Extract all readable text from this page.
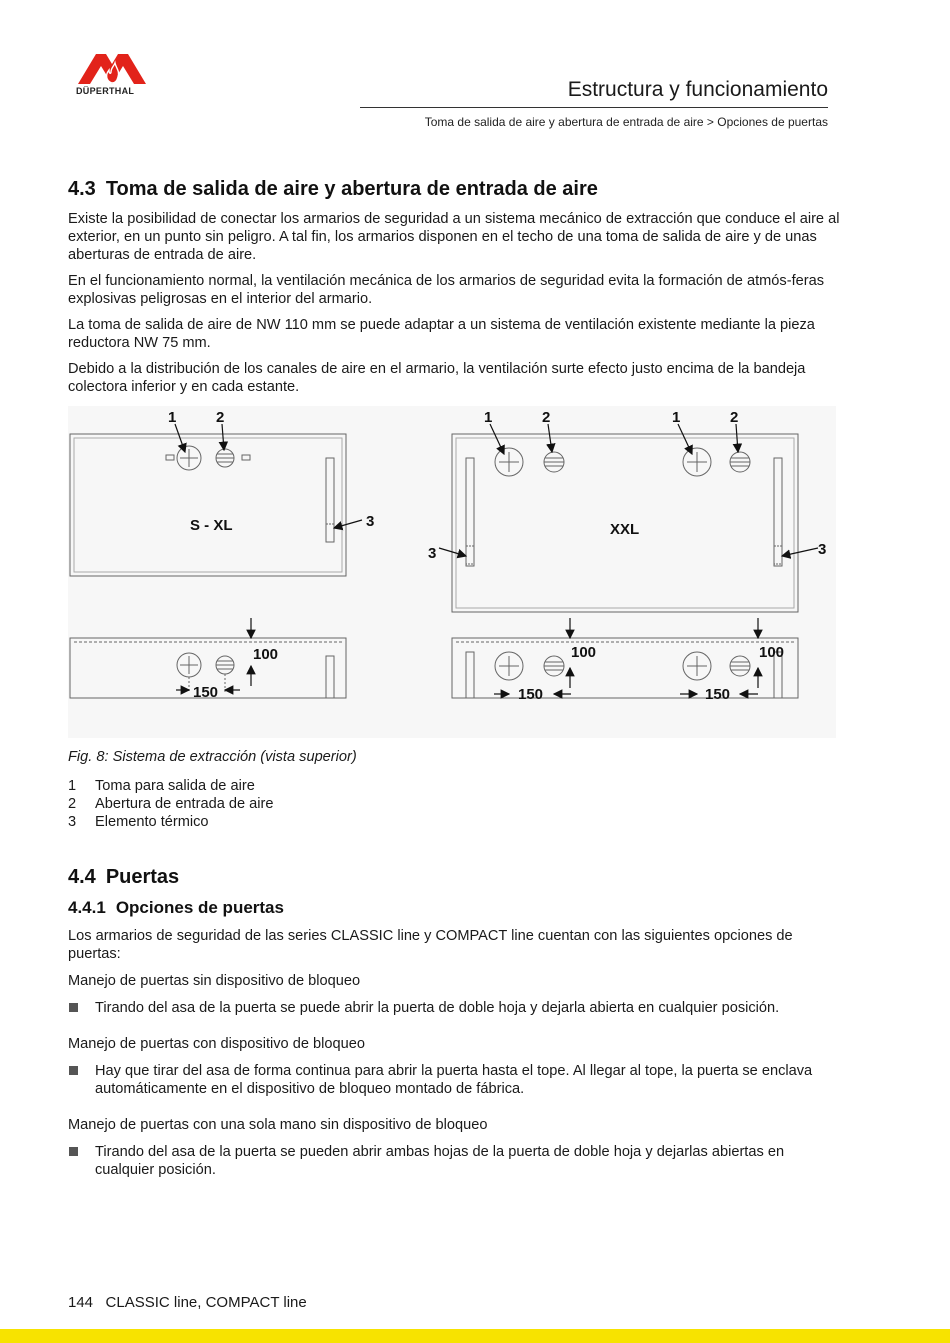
DÜPERTHAL	Estructura y funcionamiento
Toma de salida de aire y abertura de entrada de aire > Opciones de puertas
4.3 Toma de salida de aire y abertura de entrada de aire

Existe la posibilidad de conectar los armarios de seguridad a un sistema mecánico de extracción que conduce el aire al exterior, en un punto sin peligro. A tal fin, los armarios disponen en el techo de una toma de salida de aire y de unas aberturas de entrada de aire.

En el funcionamiento normal, la ventilación mecánica de los armarios de seguridad evita la formación de atmós-feras explosivas peligrosas en el interior del armario.

La toma de salida de aire de NW 110 mm se puede adaptar a un sistema de ventilación existente mediante la pieza reductora NW 75 mm.

Debido a la distribución de los canales de aire en el armario, la ventilación surte efecto justo encima de la bandeja colectora inferior y en cada estante.

1	2
3
S - XL
1	2	1	2
3	3
XXL
100
150
100
150
100
150
Fig. 8: Sistema de extracción (vista superior)
1	Toma para salida de aire
2	Abertura de entrada de aire
3	Elemento térmico
4.4 Puertas
4.4.1 Opciones de puertas

Los armarios de seguridad de las series CLASSIC line y COMPACT line cuentan con las siguientes opciones de puertas:

Manejo de puertas sin dispositivo de bloqueo

Tirando del asa de la puerta se puede abrir la puerta de doble hoja y dejarla abierta en cualquier posición.

Manejo de puertas con dispositivo de bloqueo

Hay que tirar del asa de forma continua para abrir la puerta hasta el tope. Al llegar al tope, la puerta se enclava automáticamente en el dispositivo de bloqueo montado de fábrica.

Manejo de puertas con una sola mano sin dispositivo de bloqueo

Tirando del asa de la puerta se pueden abrir ambas hojas de la puerta de doble hoja y dejarlas abiertas en cualquier posición.

144 CLASSIC line, COMPACT line
